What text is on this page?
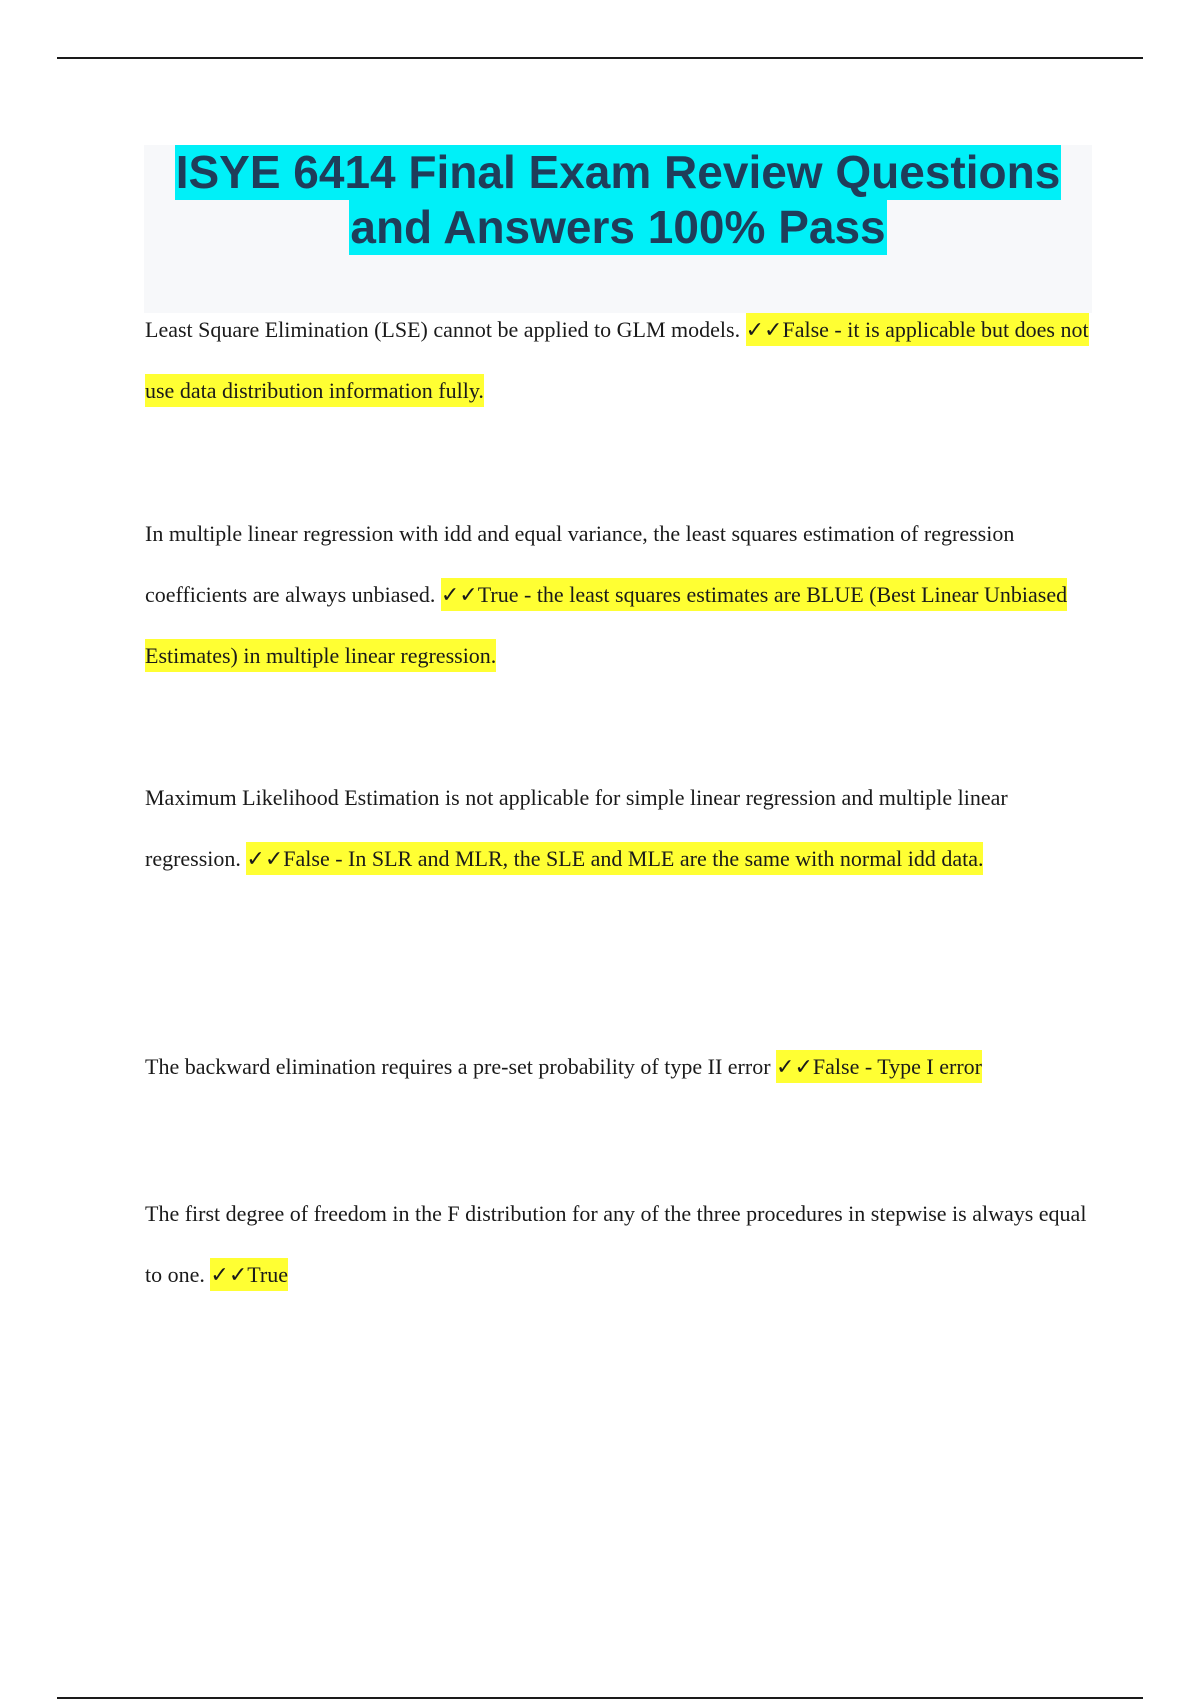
ISYE 6414 Final Exam Review Questions
and Answers 100% Pass
Least Square Elimination (LSE) cannot be applied to GLM models. ✓✓False - it is applicable but does not use data distribution information fully.
In multiple linear regression with idd and equal variance, the least squares estimation of regression coefficients are always unbiased. ✓✓True - the least squares estimates are BLUE (Best Linear Unbiased Estimates) in multiple linear regression.
Maximum Likelihood Estimation is not applicable for simple linear regression and multiple linear regression. ✓✓False - In SLR and MLR, the SLE and MLE are the same with normal idd data.
The backward elimination requires a pre-set probability of type II error ✓✓False - Type I error
The first degree of freedom in the F distribution for any of the three procedures in stepwise is always equal to one. ✓✓True
